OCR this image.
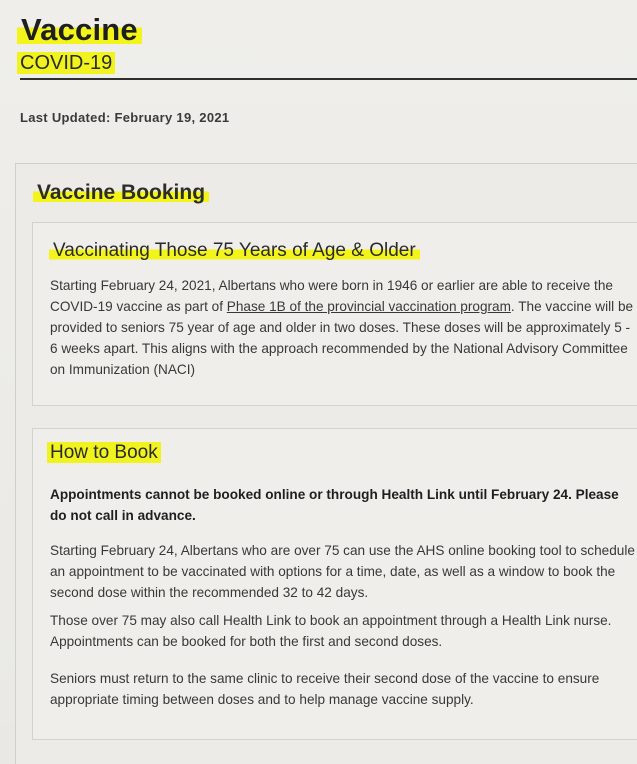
Vaccine
COVID-19
Last Updated: February 19, 2021
Vaccine Booking
Vaccinating Those 75 Years of Age & Older
Starting February 24, 2021, Albertans who were born in 1946 or earlier are able to receive the COVID-19 vaccine as part of Phase 1B of the provincial vaccination program. The vaccine will be provided to seniors 75 year of age and older in two doses. These doses will be approximately 5 - 6 weeks apart. This aligns with the approach recommended by the National Advisory Committee on Immunization (NACI)
How to Book
Appointments cannot be booked online or through Health Link until February 24. Please do not call in advance.
Starting February 24, Albertans who are over 75 can use the AHS online booking tool to schedule an appointment to be vaccinated with options for a time, date, as well as a window to book the second dose within the recommended 32 to 42 days.
Those over 75 may also call Health Link to book an appointment through a Health Link nurse. Appointments can be booked for both the first and second doses.
Seniors must return to the same clinic to receive their second dose of the vaccine to ensure appropriate timing between doses and to help manage vaccine supply.
